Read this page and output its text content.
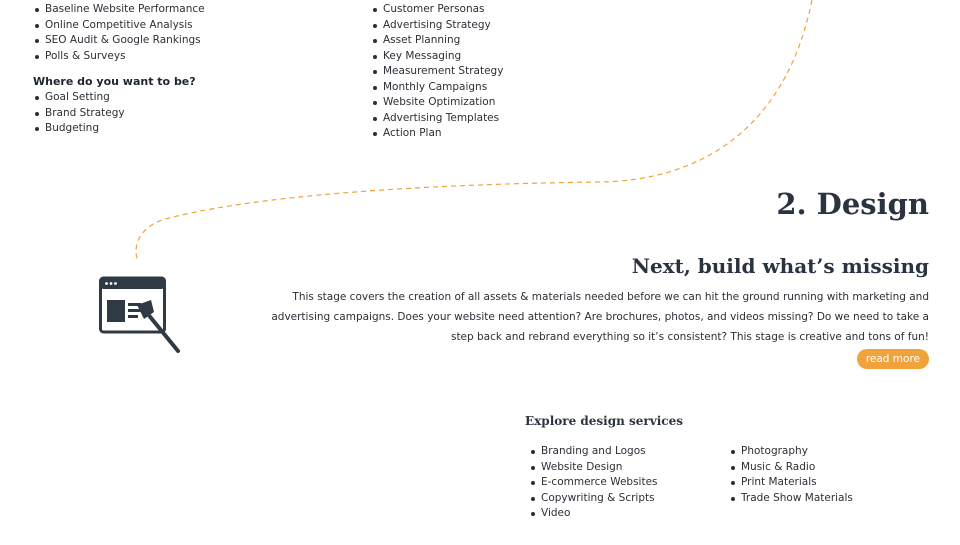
Baseline Website Performance
Online Competitive Analysis
SEO Audit & Google Rankings
Polls & Surveys
Where do you want to be?
Goal Setting
Brand Strategy
Budgeting
Customer Personas
Advertising Strategy
Asset Planning
Key Messaging
Measurement Strategy
Monthly Campaigns
Website Optimization
Advertising Templates
Action Plan
2. Design
Next, build what’s missing

This stage covers the creation of all assets & materials needed before we can hit the ground running with marketing and advertising campaigns. Does your website need attention? Are brochures, photos, and videos missing? Do we need to take a step back and rebrand everything so it’s consistent? This stage is creative and tons of fun!

read more
Explore design services
Branding and Logos
Website Design
E-commerce Websites
Copywriting & Scripts
Video
Photography
Music & Radio
Print Materials
Trade Show Materials
